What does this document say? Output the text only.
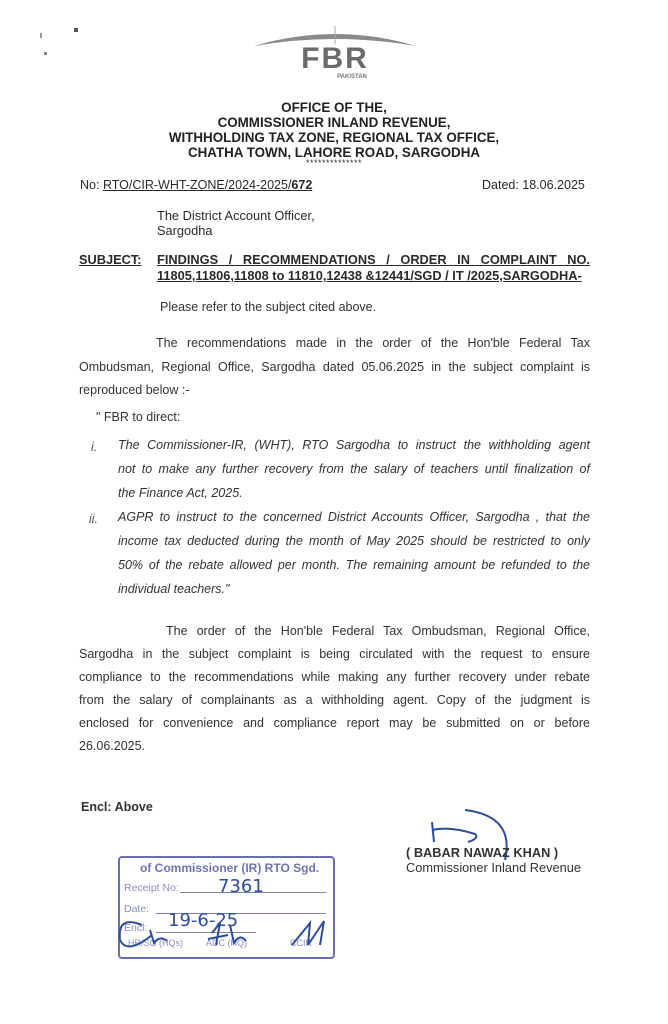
FBR
PAKISTAN
OFFICE OF THE,
COMMISSIONER INLAND REVENUE,
WITHHOLDING TAX ZONE, REGIONAL TAX OFFICE,
CHATHA TOWN, LAHORE ROAD, SARGODHA
**************
No: RTO/CIR-WHT-ZONE/2024-2025/672	Dated: 18.06.2025
The District Account Officer,
Sargodha
SUBJECT: FINDINGS / RECOMMENDATIONS / ORDER IN COMPLAINT NO.
11805,11806,11808 to 11810,12438 &12441/SGD / IT /2025,SARGODHA-
Please refer to the subject cited above.
The recommendations made in the order of the Hon'ble Federal Tax
Ombudsman, Regional Office, Sargodha dated 05.06.2025 in the subject complaint is
reproduced below :-
" FBR to direct:
i. The Commissioner-IR, (WHT), RTO Sargodha to instruct the withholding agent
not to make any further recovery from the salary of teachers until finalization of
the Finance Act, 2025.
ii. AGPR to instruct to the concerned District Accounts Officer, Sargodha , that the
income tax deducted during the month of May 2025 should be restricted to only
50% of the rebate allowed per month. The remaining amount be refunded to the
individual teachers."
The order of the Hon'ble Federal Tax Ombudsman, Regional Office,
Sargodha in the subject complaint is being circulated with the request to ensure
compliance to the recommendations while making any further recovery under rebate
from the salary of complainants as a withholding agent. Copy of the judgment is
enclosed for convenience and compliance report may be submitted on or before
26.06.2025.
Encl: Above
( BABAR NAWAZ KHAN )
Commissioner Inland Revenue
of Commissioner (IR) RTO Sgd.
Receipt No: 7361
Date:
Encl: 19-6-25
HR/SO (HQs)	ADC (HQ)	CCIR
